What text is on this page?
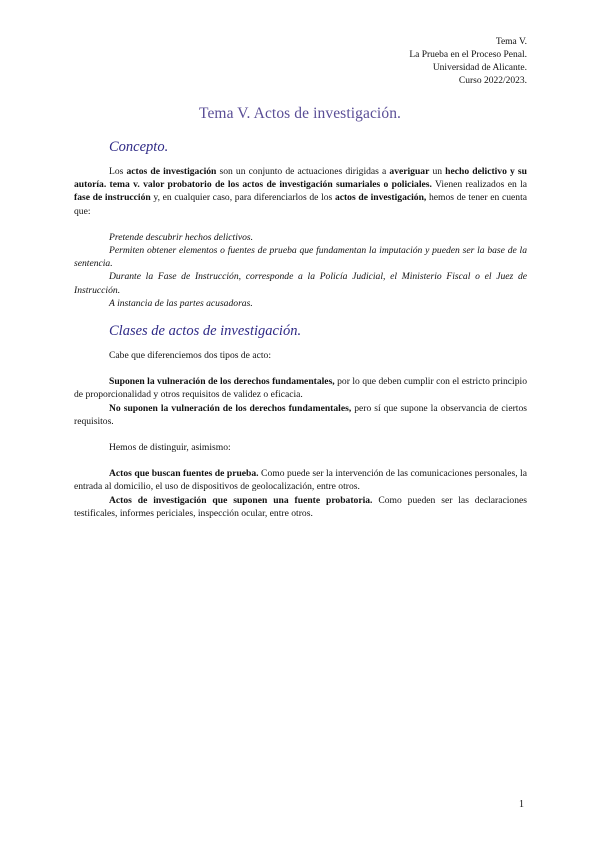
Tema V.
La Prueba en el Proceso Penal.
Universidad de Alicante.
Curso 2022/2023.
Tema V. Actos de investigación.
Concepto.

Los actos de investigación son un conjunto de actuaciones dirigidas a averiguar un hecho delictivo y su autoría. tema v. valor probatorio de los actos de investigación sumariales o policiales. Vienen realizados en la fase de instrucción y, en cualquier caso, para diferenciarlos de los actos de investigación, hemos de tener en cuenta que:

Pretende descubrir hechos delictivos.

Permiten obtener elementos o fuentes de prueba que fundamentan la imputación y pueden ser la base de la sentencia.

Durante la Fase de Instrucción, corresponde a la Policía Judicial, el Ministerio Fiscal o el Juez de Instrucción.

A instancia de las partes acusadoras.

Clases de actos de investigación.

Cabe que diferenciemos dos tipos de acto:

Suponen la vulneración de los derechos fundamentales, por lo que deben cumplir con el estricto principio de proporcionalidad y otros requisitos de validez o eficacia.

No suponen la vulneración de los derechos fundamentales, pero sí que supone la observancia de ciertos requisitos.

Hemos de distinguir, asimismo:

Actos que buscan fuentes de prueba. Como puede ser la intervención de las comunicaciones personales, la entrada al domicilio, el uso de dispositivos de geolocalización, entre otros.

Actos de investigación que suponen una fuente probatoria. Como pueden ser las declaraciones testificales, informes periciales, inspección ocular, entre otros.

1
